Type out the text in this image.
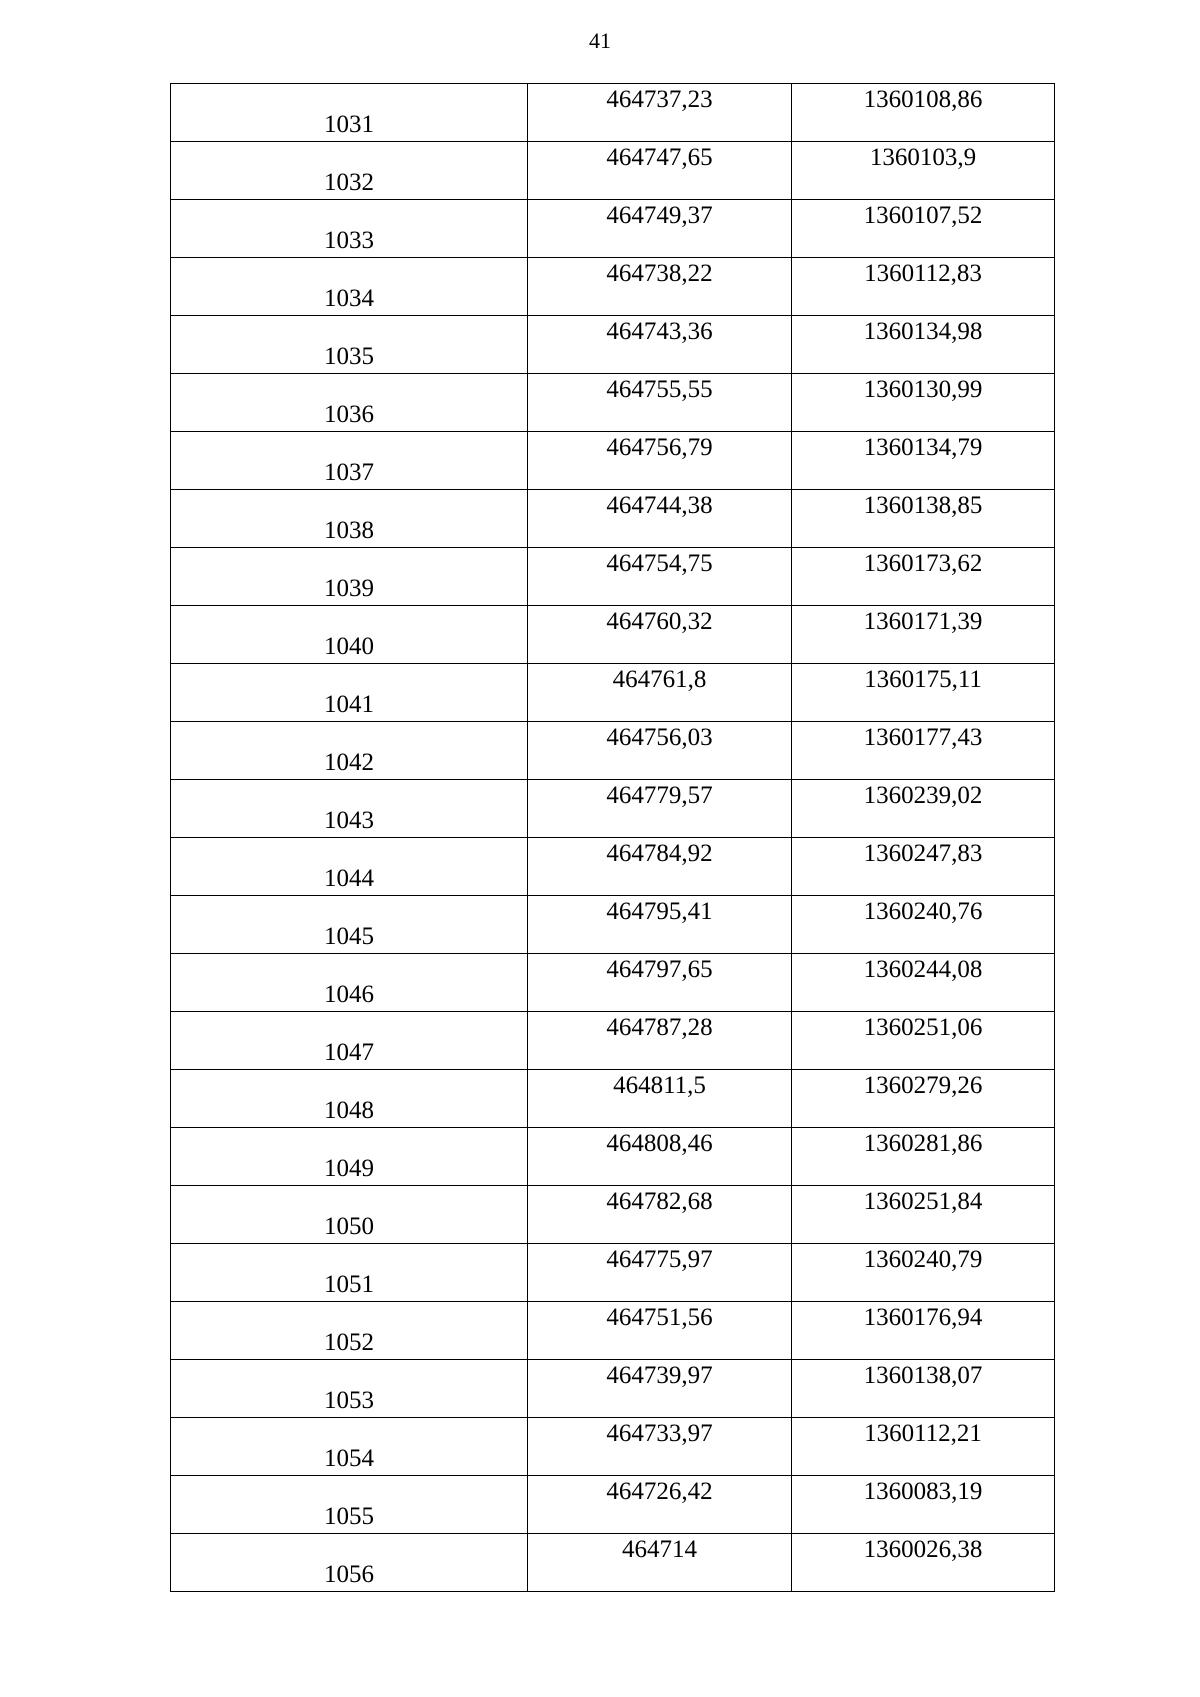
41
1031	464737,23	1360108,86
1032	464747,65	1360103,9
1033	464749,37	1360107,52
1034	464738,22	1360112,83
1035	464743,36	1360134,98
1036	464755,55	1360130,99
1037	464756,79	1360134,79
1038	464744,38	1360138,85
1039	464754,75	1360173,62
1040	464760,32	1360171,39
1041	464761,8	1360175,11
1042	464756,03	1360177,43
1043	464779,57	1360239,02
1044	464784,92	1360247,83
1045	464795,41	1360240,76
1046	464797,65	1360244,08
1047	464787,28	1360251,06
1048	464811,5	1360279,26
1049	464808,46	1360281,86
1050	464782,68	1360251,84
1051	464775,97	1360240,79
1052	464751,56	1360176,94
1053	464739,97	1360138,07
1054	464733,97	1360112,21
1055	464726,42	1360083,19
1056	464714	1360026,38
